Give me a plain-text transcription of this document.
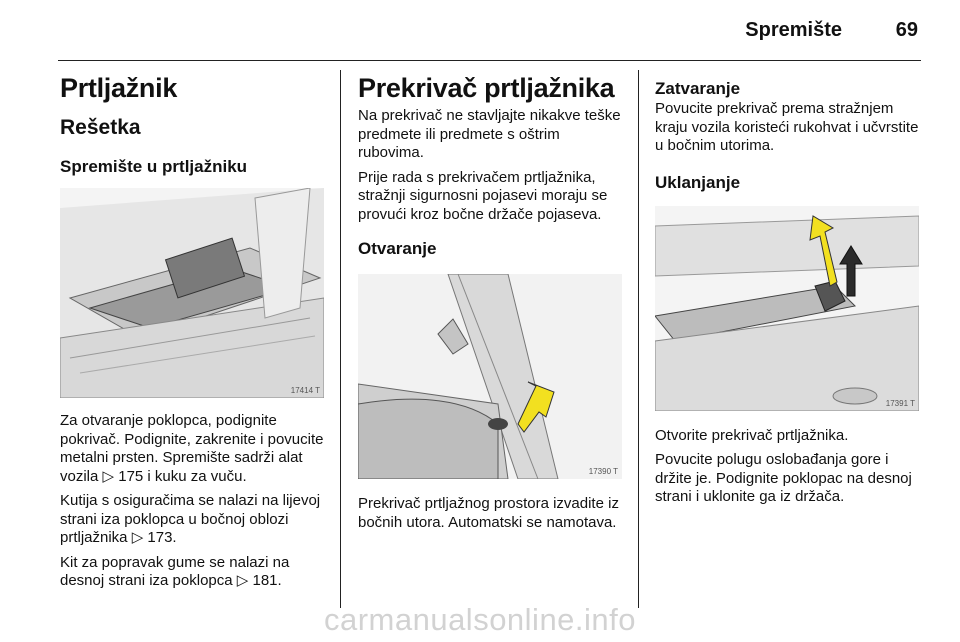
Spremište	69
Prtljažnik
Rešetka
Spremište u prtljažniku
17414 T

Za otvaranje poklopca, podignite pokrivač. Podignite, zakrenite i povucite metalni prsten. Spremište sadrži alat vozila ▷ 175 i kuku za vuču.

Kutija s osiguračima se nalazi na lijevoj strani iza poklopca u bočnoj oblozi prtljažnika ▷ 173.

Kit za popravak gume se nalazi na desnoj strani iza poklopca ▷ 181.

Prekrivač prtljažnika

Na prekrivač ne stavljajte nikakve teške predmete ili predmete s oštrim rubovima.

Prije rada s prekrivačem prtljažnika, stražnji sigurnosni pojasevi moraju se provući kroz bočne držače pojaseva.

Otvaranje
17390 T

Prekrivač prtljažnog prostora izvadite iz bočnih utora. Automatski se namotava.

Zatvaranje

Povucite prekrivač prema stražnjem kraju vozila koristeći rukohvat i učvrstite u bočnim utorima.

Uklanjanje
17391 T

Otvorite prekrivač prtljažnika.

Povucite polugu oslobađanja gore i držite je. Podignite poklopac na desnoj strani i uklonite ga iz držača.

carmanualsonline.info
